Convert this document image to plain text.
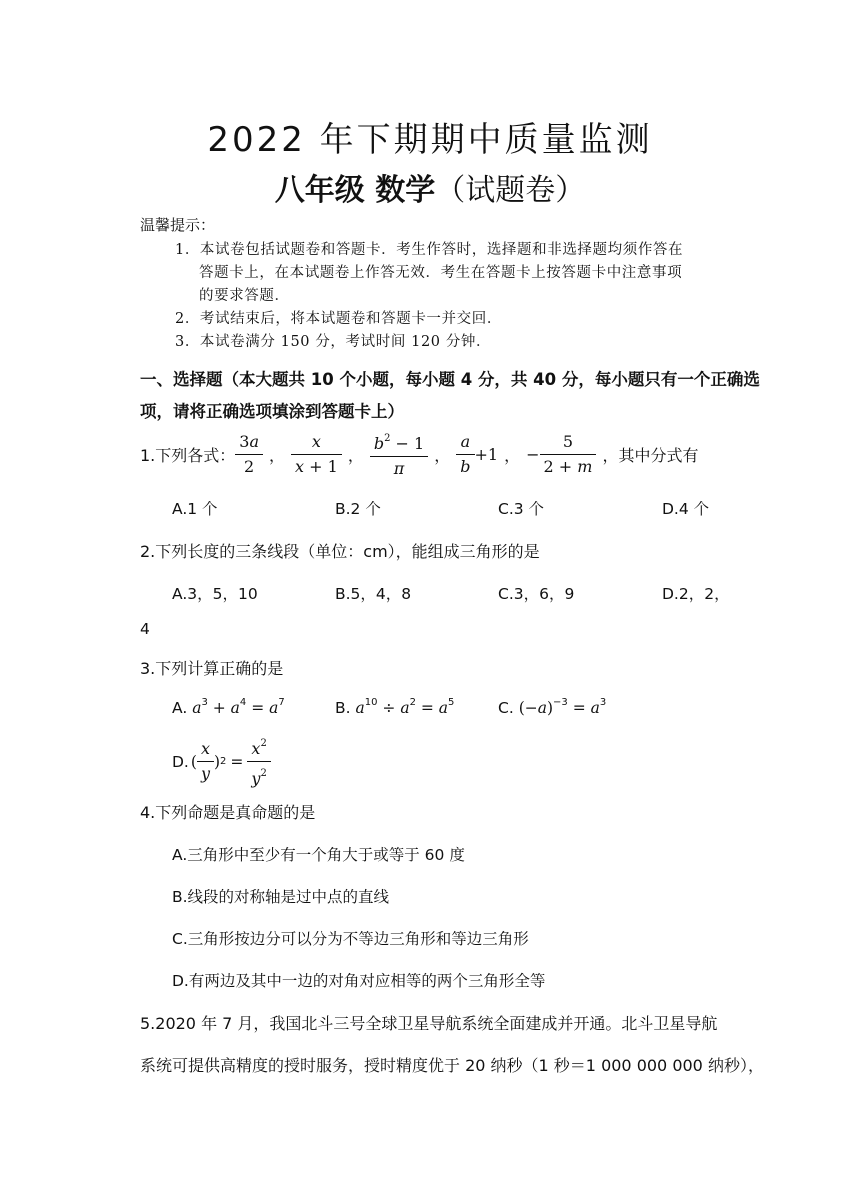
2022 年下期期中质量监测
八年级 数学（试题卷）
温馨提示：
1．本试卷包括试题卷和答题卡．考生作答时，选择题和非选择题均须作答在
答题卡上，在本试题卷上作答无效．考生在答题卡上按答题卡中注意事项
的要求答题．
2．考试结束后，将本试题卷和答题卡一并交回．
3．本试卷满分 150 分，考试时间 120 分钟．
一、选择题（本大题共 10 个小题，每小题 4 分，共 40 分，每小题只有一个正确选
项，请将正确选项填涂到答题卡上）
1.下列各式： $\frac{3a}{2}$ ， $\frac{x}{x + 1}$ ， $\frac{b^2 - 1}{\pi}$ ， $\frac{a}{b} +1$ ， − $\frac{5}{2 + m}$ ，其中分式有
A.1 个	B.2 个	C.3 个	D.4 个
2.下列长度的三条线段（单位：cm），能组成三角形的是
A.3，5，10	B.5，4，8	C.3，6，9	D.2，2，
4
3.下列计算正确的是
A. $a^3 + a^4 = a^7$	B. $a^{10} \div a^2 = a^5$	C. $(-a)^{-3} = a^3$
D. ( $\frac{x}{y}$ ) $2 = \frac{x^2}{y^2}$
4.下列命题是真命题的是
A.三角形中至少有一个角大于或等于 60 度
B.线段的对称轴是过中点的直线
C.三角形按边分可以分为不等边三角形和等边三角形
D.有两边及其中一边的对角对应相等的两个三角形全等
5.2020 年 7 月，我国北斗三号全球卫星导航系统全面建成并开通。北斗卫星导航
系统可提供高精度的授时服务，授时精度优于 20 纳秒（1 秒＝1 000 000 000 纳秒），
